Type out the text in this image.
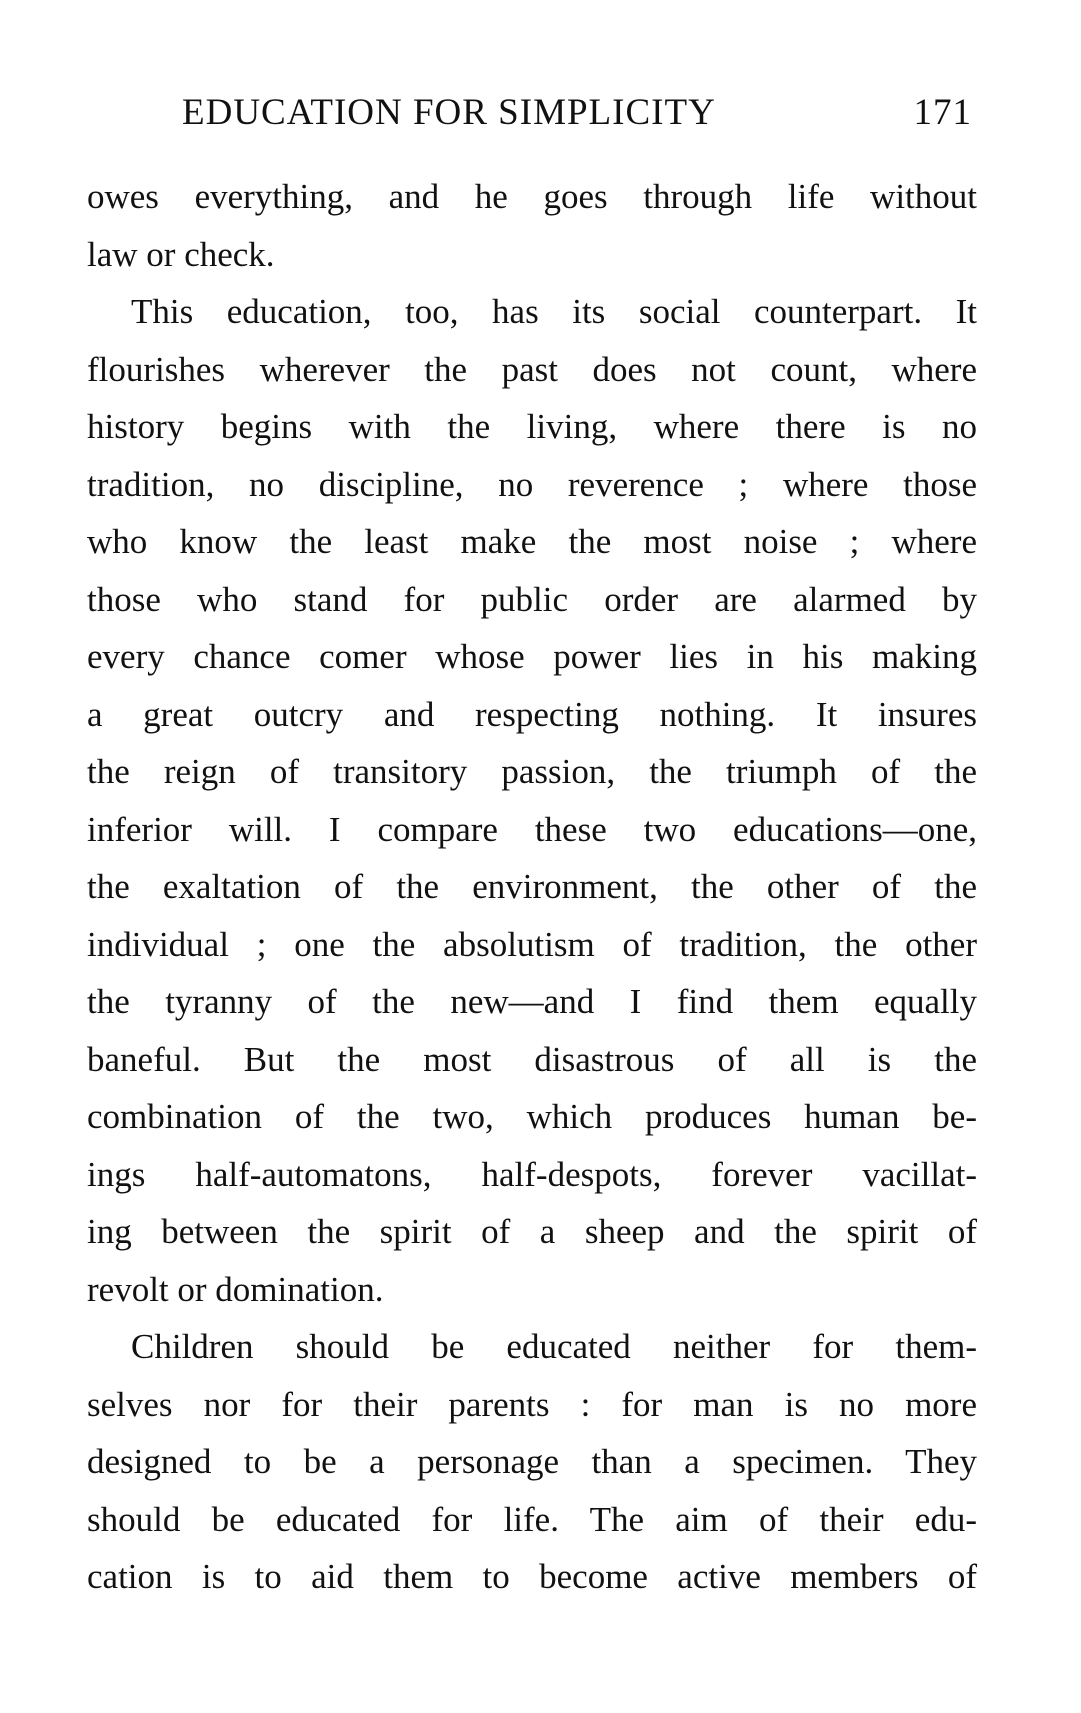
EDUCATION FOR SIMPLICITY	171
owes everything, and he goes through life without
law or check.
This education, too, has its social counterpart. It
flourishes wherever the past does not count, where
history begins with the living, where there is no
tradition, no discipline, no reverence ; where those
who know the least make the most noise ; where
those who stand for public order are alarmed by
every chance comer whose power lies in his making
a great outcry and respecting nothing. It insures
the reign of transitory passion, the triumph of the
inferior will. I compare these two educations—one,
the exaltation of the environment, the other of the
individual ; one the absolutism of tradition, the other
the tyranny of the new—and I find them equally
baneful. But the most disastrous of all is the
combination of the two, which produces human be-
ings half-automatons, half-despots, forever vacillat-
ing between the spirit of a sheep and the spirit of
revolt or domination.
Children should be educated neither for them-
selves nor for their parents : for man is no more
designed to be a personage than a specimen. They
should be educated for life. The aim of their edu-
cation is to aid them to become active members of
